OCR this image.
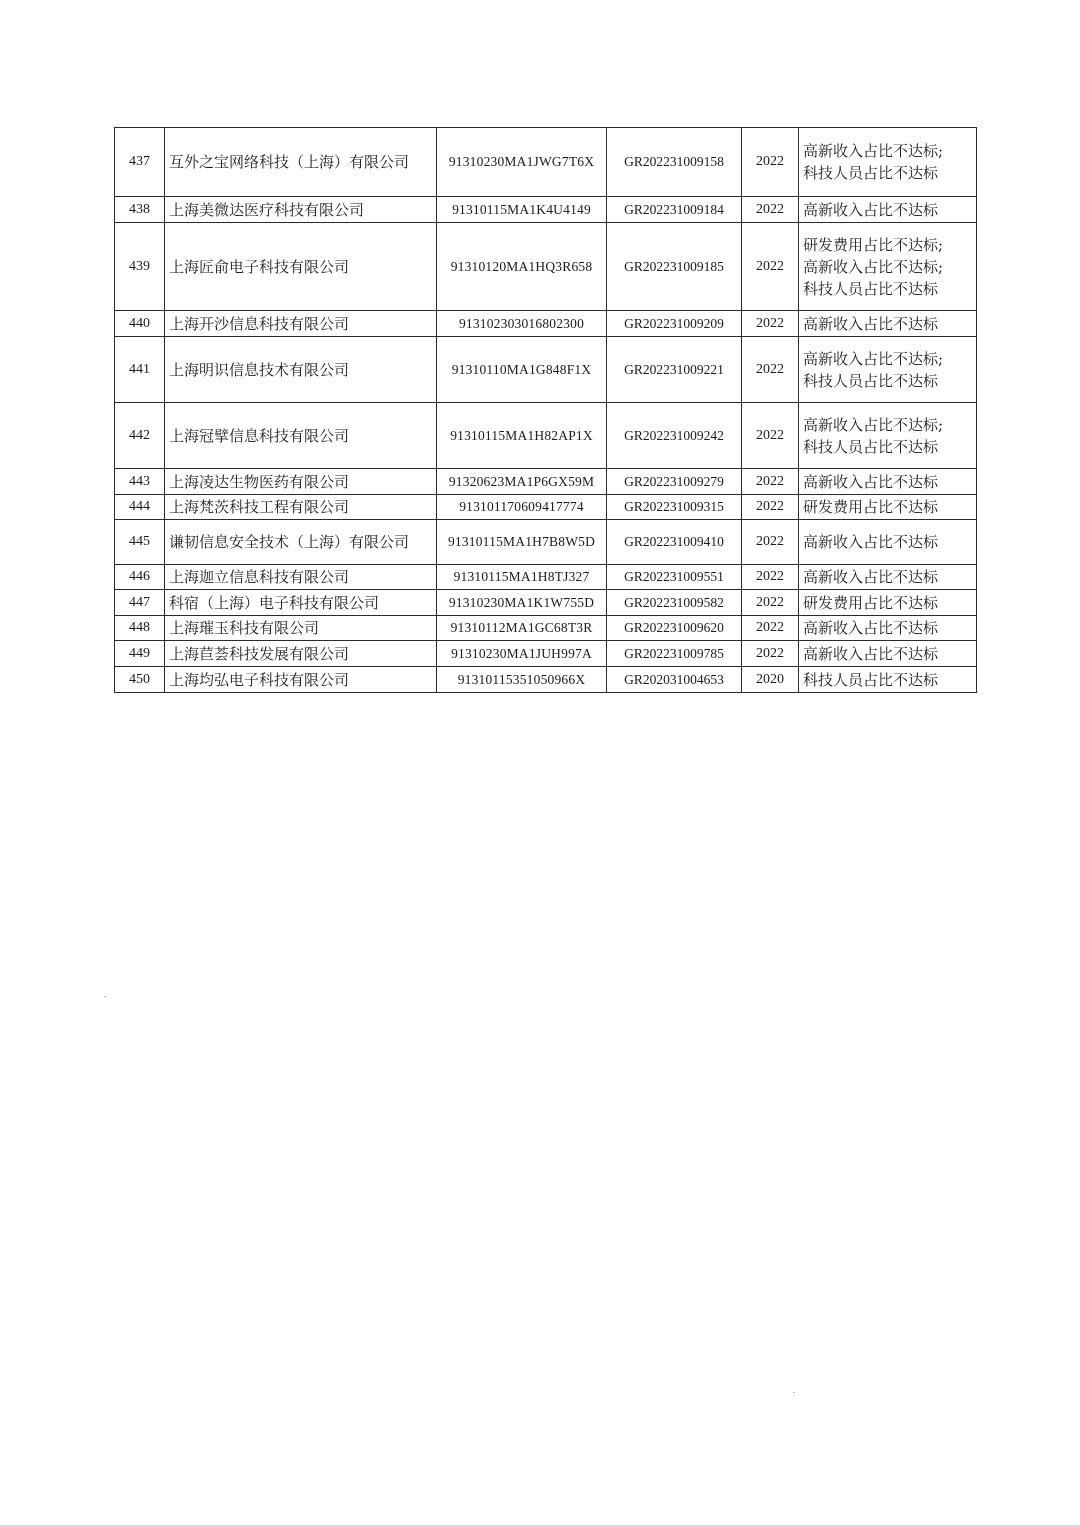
437	互外之宝网络科技（上海）有限公司	91310230MA1JWG7T6X	GR202231009158	2022	高新收入占比不达标;
科技人员占比不达标

438	上海美微达医疗科技有限公司	91310115MA1K4U4149	GR202231009184	2022	高新收入占比不达标

439	上海匠俞电子科技有限公司	91310120MA1HQ3R658	GR202231009185	2022	研发费用占比不达标;
高新收入占比不达标;
科技人员占比不达标

440	上海开沙信息科技有限公司	913102303016802300	GR202231009209	2022	高新收入占比不达标

441	上海明识信息技术有限公司	91310110MA1G848F1X	GR202231009221	2022	高新收入占比不达标;
科技人员占比不达标

442	上海冠擘信息科技有限公司	91310115MA1H82AP1X	GR202231009242	2022	高新收入占比不达标;
科技人员占比不达标

443	上海凌达生物医药有限公司	91320623MA1P6GX59M	GR202231009279	2022	高新收入占比不达标

444	上海梵茨科技工程有限公司	913101170609417774	GR202231009315	2022	研发费用占比不达标

445	谦韧信息安全技术（上海）有限公司	91310115MA1H7B8W5D	GR202231009410	2022	高新收入占比不达标

446	上海迦立信息科技有限公司	91310115MA1H8TJ327	GR202231009551	2022	高新收入占比不达标

447	科宿（上海）电子科技有限公司	91310230MA1K1W755D	GR202231009582	2022	研发费用占比不达标

448	上海璀玉科技有限公司	91310112MA1GC68T3R	GR202231009620	2022	高新收入占比不达标

449	上海苣荟科技发展有限公司	91310230MA1JUH997A	GR202231009785	2022	高新收入占比不达标

450	上海均弘电子科技有限公司	91310115351050966X	GR202031004653	2020	科技人员占比不达标
